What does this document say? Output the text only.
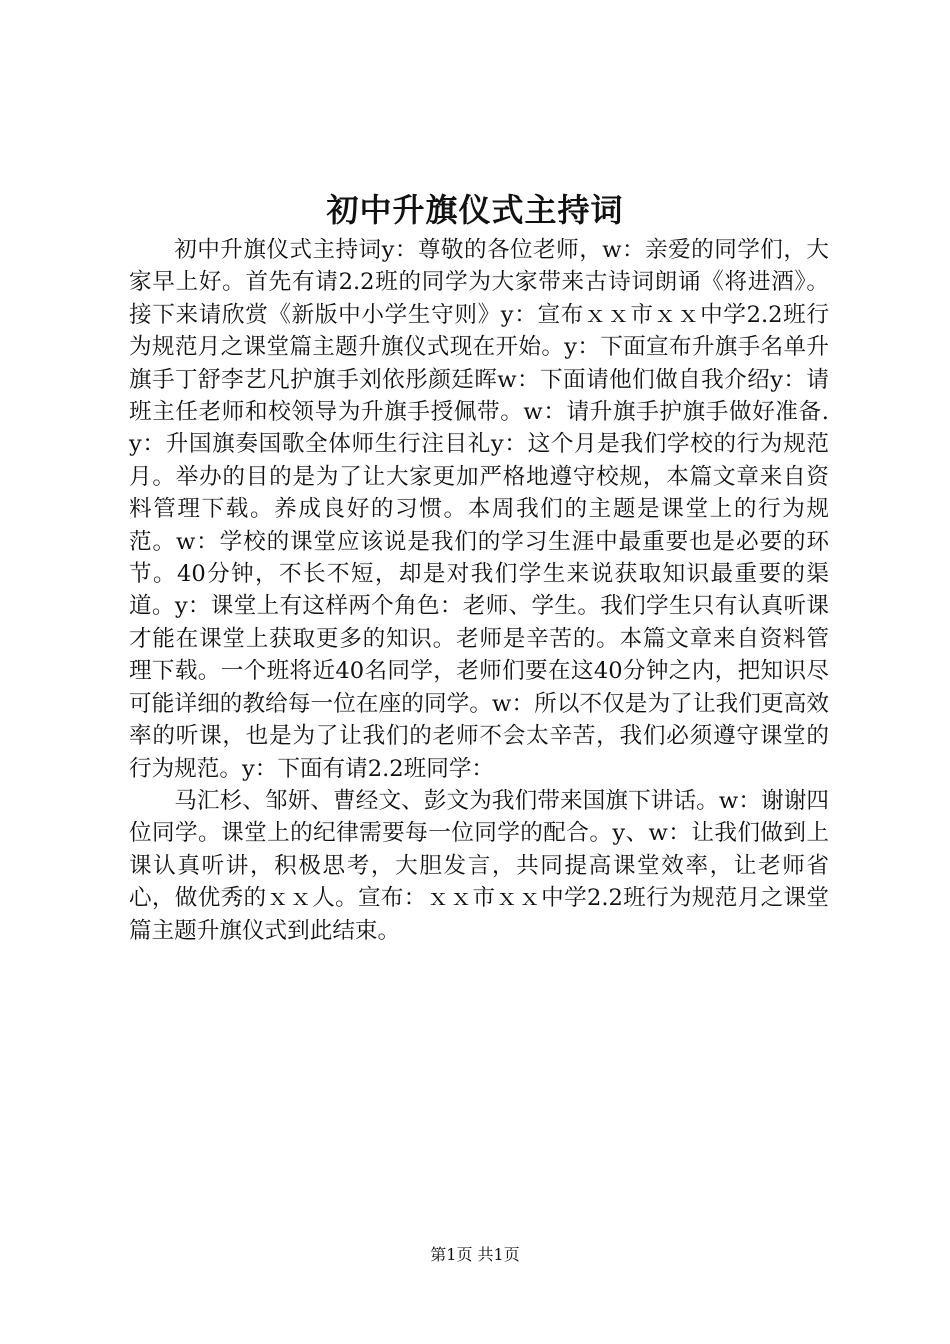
初中升旗仪式主持词

初中升旗仪式主持词y：尊敬的各位老师，w：亲爱的同学们，大家早上好。首先有请2.2班的同学为大家带来古诗词朗诵《将进酒》。接下来请欣赏《新版中小学生守则》y：宣布ｘｘ市ｘｘ中学2.2班行为规范月之课堂篇主题升旗仪式现在开始。y：下面宣布升旗手名单升旗手丁舒李艺凡护旗手刘依彤颜廷晖w：下面请他们做自我介绍y：请班主任老师和校领导为升旗手授佩带。w：请升旗手护旗手做好准备.y：升国旗奏国歌全体师生行注目礼y：这个月是我们学校的行为规范月。举办的目的是为了让大家更加严格地遵守校规，本篇文章来自资料管理下载。养成良好的习惯。本周我们的主题是课堂上的行为规范。w：学校的课堂应该说是我们的学习生涯中最重要也是必要的环节。40分钟，不长不短，却是对我们学生来说获取知识最重要的渠道。y：课堂上有这样两个角色：老师、学生。我们学生只有认真听课才能在课堂上获取更多的知识。老师是辛苦的。本篇文章来自资料管理下载。一个班将近40名同学，老师们要在这40分钟之内，把知识尽可能详细的教给每一位在座的同学。w：所以不仅是为了让我们更高效率的听课，也是为了让我们的老师不会太辛苦，我们必须遵守课堂的行为规范。y：下面有请2.2班同学：

马汇杉、邹妍、曹经文、彭文为我们带来国旗下讲话。w：谢谢四位同学。课堂上的纪律需要每一位同学的配合。y、w：让我们做到上课认真听讲，积极思考，大胆发言，共同提高课堂效率，让老师省心，做优秀的ｘｘ人。宣布：ｘｘ市ｘｘ中学2.2班行为规范月之课堂篇主题升旗仪式到此结束。

第1页 共1页
